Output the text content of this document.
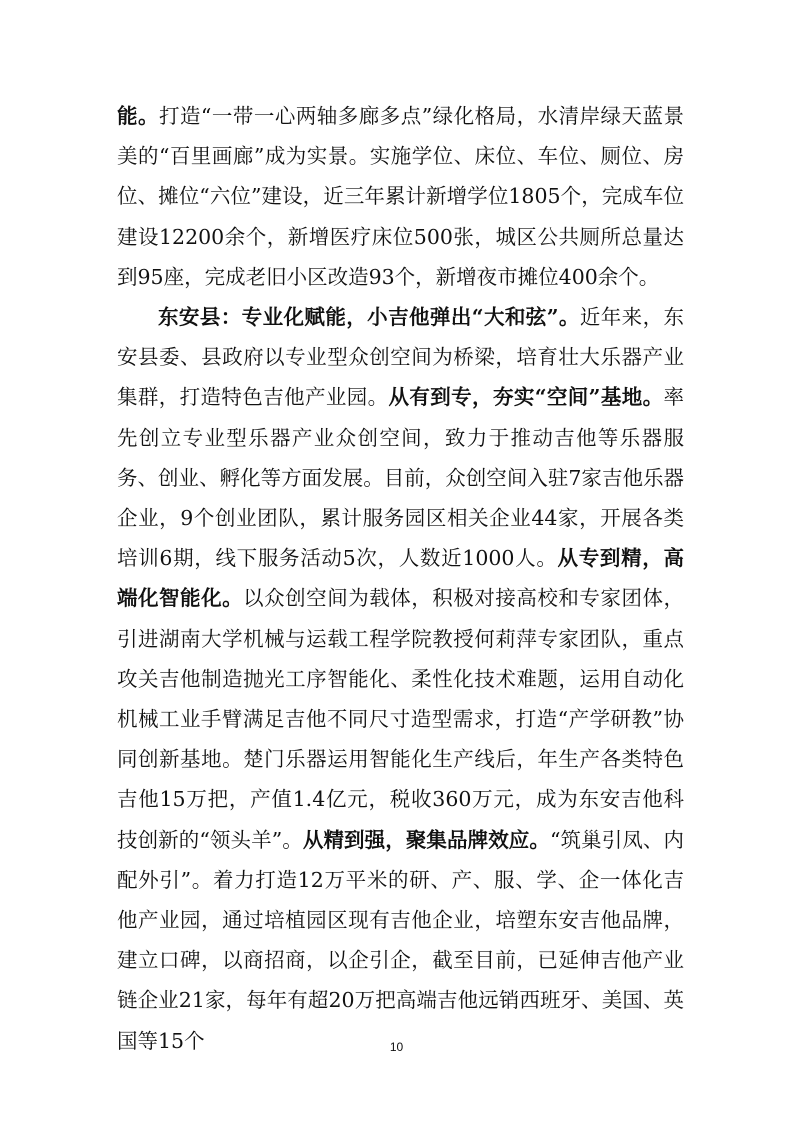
能。打造“一带一心两轴多廊多点”绿化格局，水清岸绿天蓝景美的“百里画廊”成为实景。实施学位、床位、车位、厕位、房位、摊位“六位”建设，近三年累计新增学位1805个，完成车位建设12200余个，新增医疗床位500张，城区公共厕所总量达到95座，完成老旧小区改造93个，新增夜市摊位400余个。

东安县：专业化赋能，小吉他弹出“大和弦”。近年来，东安县委、县政府以专业型众创空间为桥梁，培育壮大乐器产业集群，打造特色吉他产业园。从有到专，夯实“空间”基地。率先创立专业型乐器产业众创空间，致力于推动吉他等乐器服务、创业、孵化等方面发展。目前，众创空间入驻7家吉他乐器企业，9个创业团队，累计服务园区相关企业44家，开展各类培训6期，线下服务活动5次，人数近1000人。从专到精，高端化智能化。以众创空间为载体，积极对接高校和专家团体，引进湖南大学机械与运载工程学院教授何莉萍专家团队，重点攻关吉他制造抛光工序智能化、柔性化技术难题，运用自动化机械工业手臂满足吉他不同尺寸造型需求，打造“产学研教”协同创新基地。楚门乐器运用智能化生产线后，年生产各类特色吉他15万把，产值1.4亿元，税收360万元，成为东安吉他科技创新的“领头羊”。从精到强，聚集品牌效应。“筑巢引凤、内配外引”。着力打造12万平米的研、产、服、学、企一体化吉他产业园，通过培植园区现有吉他企业，培塑东安吉他品牌，建立口碑，以商招商，以企引企，截至目前，已延伸吉他产业链企业21家，每年有超20万把高端吉他远销西班牙、美国、英国等15个	10
